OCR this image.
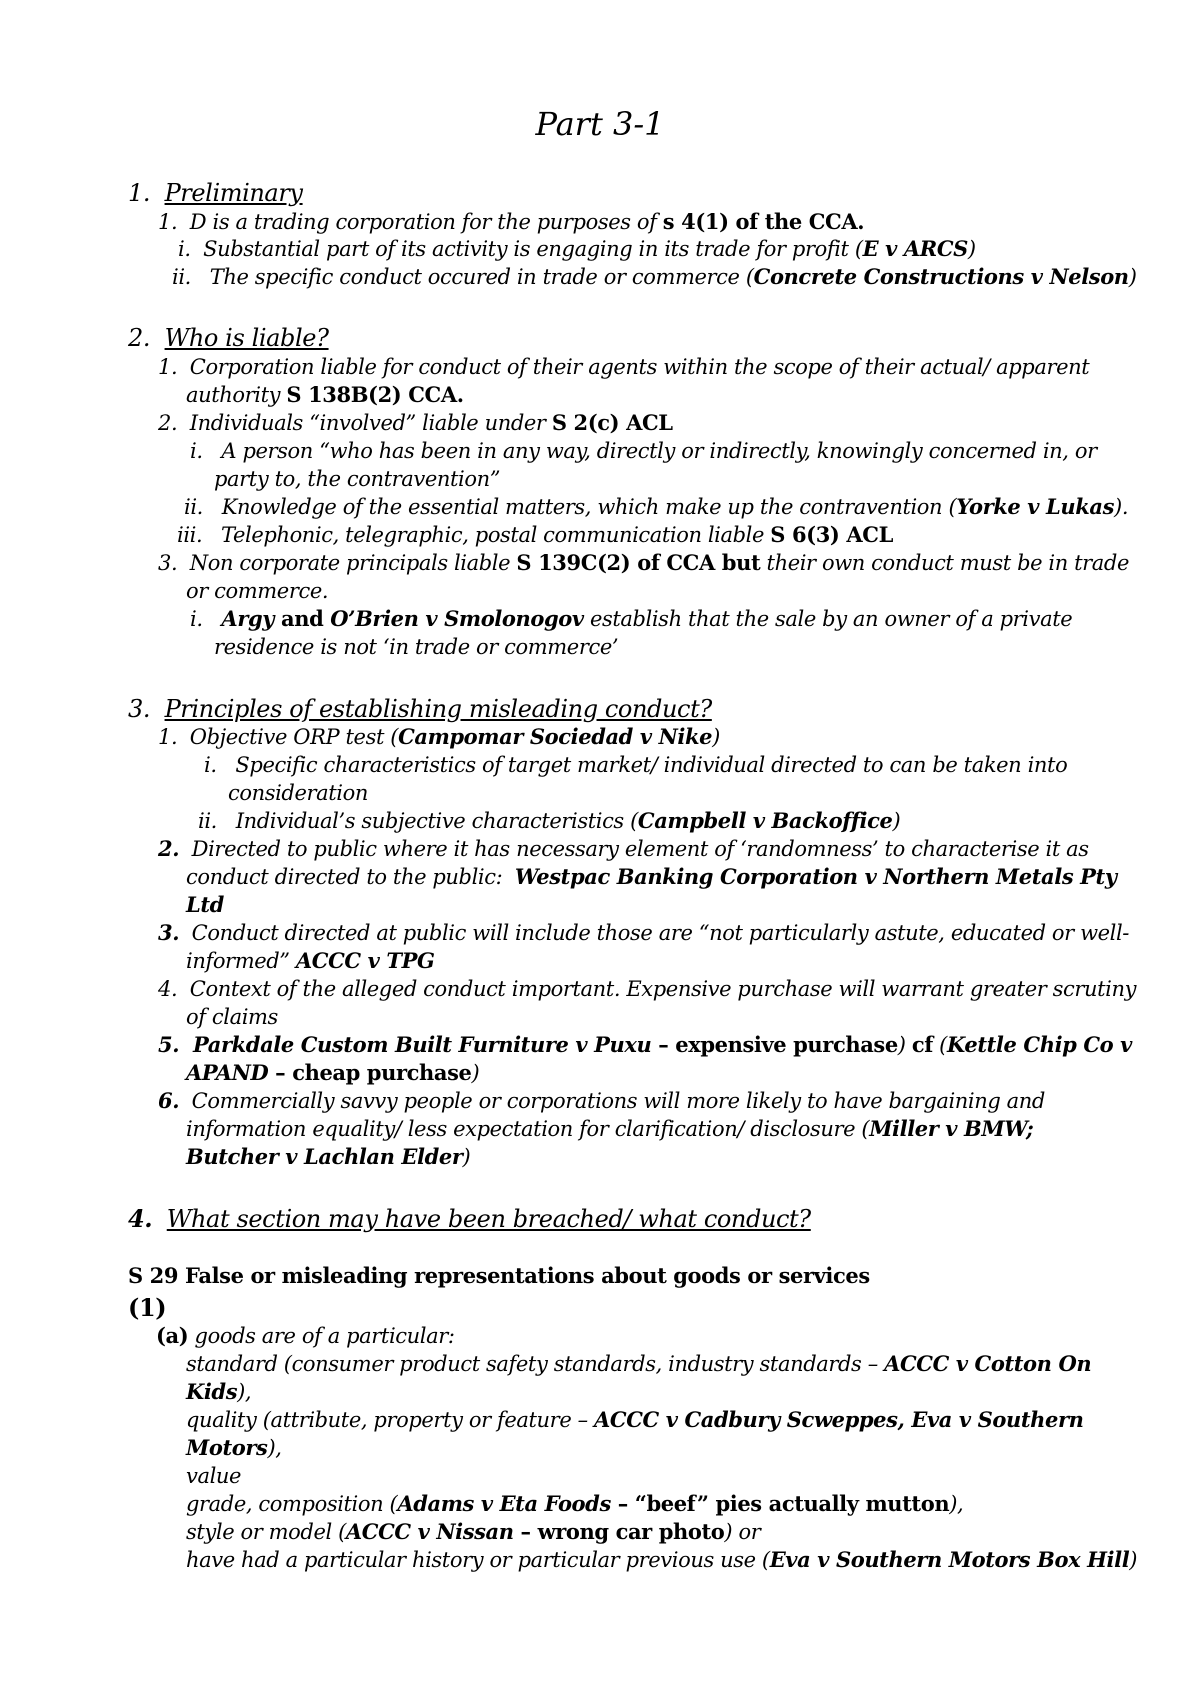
Part 3-1
1.  Preliminary
1.  D is a trading corporation for the purposes of s 4(1) of the CCA.
i.  Substantial part of its activity is engaging in its trade for profit (E v ARCS)
ii.   The specific conduct occured in trade or commerce (Concrete Constructions v Nelson)
2.  Who is liable?
1.  Corporation liable for conduct of their agents within the scope of their actual/ apparent
authority S 138B(2) CCA.
2.  Individuals “involved” liable under S 2(c) ACL
i.   A person “who has been in any way, directly or indirectly, knowingly concerned in, or
party to, the contravention”
ii.   Knowledge of the essential matters, which make up the contravention (Yorke v Lukas).
iii.   Telephonic, telegraphic, postal communication liable S 6(3) ACL
3.  Non corporate principals liable S 139C(2) of CCA but their own conduct must be in trade
or commerce.
i.   Argy and O’Brien v Smolonogov establish that the sale by an owner of a private
residence is not ‘in trade or commerce’
3.  Principles of establishing misleading conduct?
1.  Objective ORP test (Campomar Sociedad v Nike)
i.   Specific characteristics of target market/ individual directed to can be taken into
consideration
ii.   Individual’s subjective characteristics (Campbell v Backoffice)
2.  Directed to public where it has necessary element of ‘randomness’ to characterise it as
conduct directed to the public:  Westpac Banking Corporation v Northern Metals Pty
Ltd
3.  Conduct directed at public will include those are “not particularly astute, educated or well-
informed” ACCC v TPG
4.  Context of the alleged conduct important. Expensive purchase will warrant greater scrutiny
of claims
5.  Parkdale Custom Built Furniture v Puxu – expensive purchase) cf (Kettle Chip Co v
APAND – cheap purchase)
6.  Commercially savvy people or corporations will more likely to have bargaining and
information equality/ less expectation for clarification/ disclosure (Miller v BMW;
Butcher v Lachlan Elder)
4. What section may have been breached/ what conduct?
S 29 False or misleading representations about goods or services
(1)
(a) goods are of a particular:
standard (consumer product safety standards, industry standards – ACCC v Cotton On
Kids),
quality (attribute, property or feature – ACCC v Cadbury Scweppes, Eva v Southern
Motors),
value
grade, composition (Adams v Eta Foods – “beef” pies actually mutton),
style or model (ACCC v Nissan – wrong car photo) or
have had a particular history or particular previous use (Eva v Southern Motors Box Hill)
